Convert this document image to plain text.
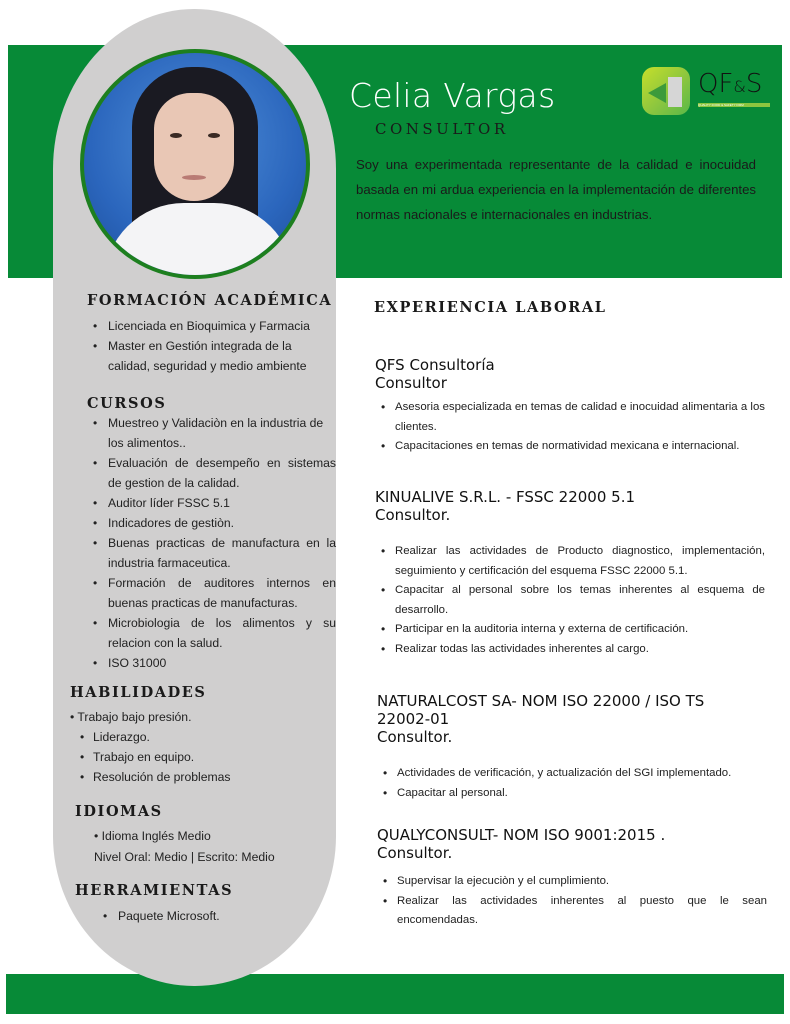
Celia Vargas
CONSULTOR
QF&S
QUALITY FOOD & SAFETY FIRM
Soy una experimentada representante de la calidad e inocuidad basada en mi ardua experiencia en la implementación de diferentes normas nacionales e internacionales en industrias.
FORMACIÓN ACADÉMICA
• Licenciada en Bioquimica y Farmacia
• Master en Gestión integrada de la calidad, seguridad y medio ambiente
CURSOS
• Muestreo y Validaciòn en la industria de los alimentos..
• Evaluación de desempeño en sistemas de gestion de la calidad.
• Auditor líder FSSC 5.1
• Indicadores de gestiòn.
• Buenas practicas de manufactura en la industria farmaceutica.
• Formación de auditores internos en buenas practicas de manufacturas.
• Microbiologia de los alimentos y su relacion con la salud.
• ISO 31000
HABILIDADES
• Trabajo bajo presión.
• Liderazgo.
• Trabajo en equipo.
• Resolución de problemas
IDIOMAS
• Idioma Inglés Medio
Nivel Oral: Medio | Escrito: Medio
HERRAMIENTAS
• Paquete Microsoft.
EXPERIENCIA LABORAL
QFS Consultoría
Consultor
• Asesoria especializada en temas de calidad e inocuidad alimentaria a los clientes.
• Capacitaciones en temas de normatividad mexicana e internacional.
KINUALIVE S.R.L. - FSSC 22000 5.1
Consultor.
• Realizar las actividades de Producto diagnostico, implementación, seguimiento y certificación del esquema FSSC 22000 5.1.
• Capacitar al personal sobre los temas inherentes al esquema de desarrollo.
• Participar en la auditoria interna y externa de certificación.
• Realizar todas las actividades inherentes al cargo.
NATURALCOST SA- NOM ISO 22000 / ISO TS 22002-01
Consultor.
• Actividades de verificación, y actualización del SGI implementado.
• Capacitar al personal.
QUALYCONSULT- NOM ISO 9001:2015 .
Consultor.
• Supervisar la ejecuciòn y el cumplimiento.
• Realizar las actividades inherentes al puesto que le sean encomendadas.
